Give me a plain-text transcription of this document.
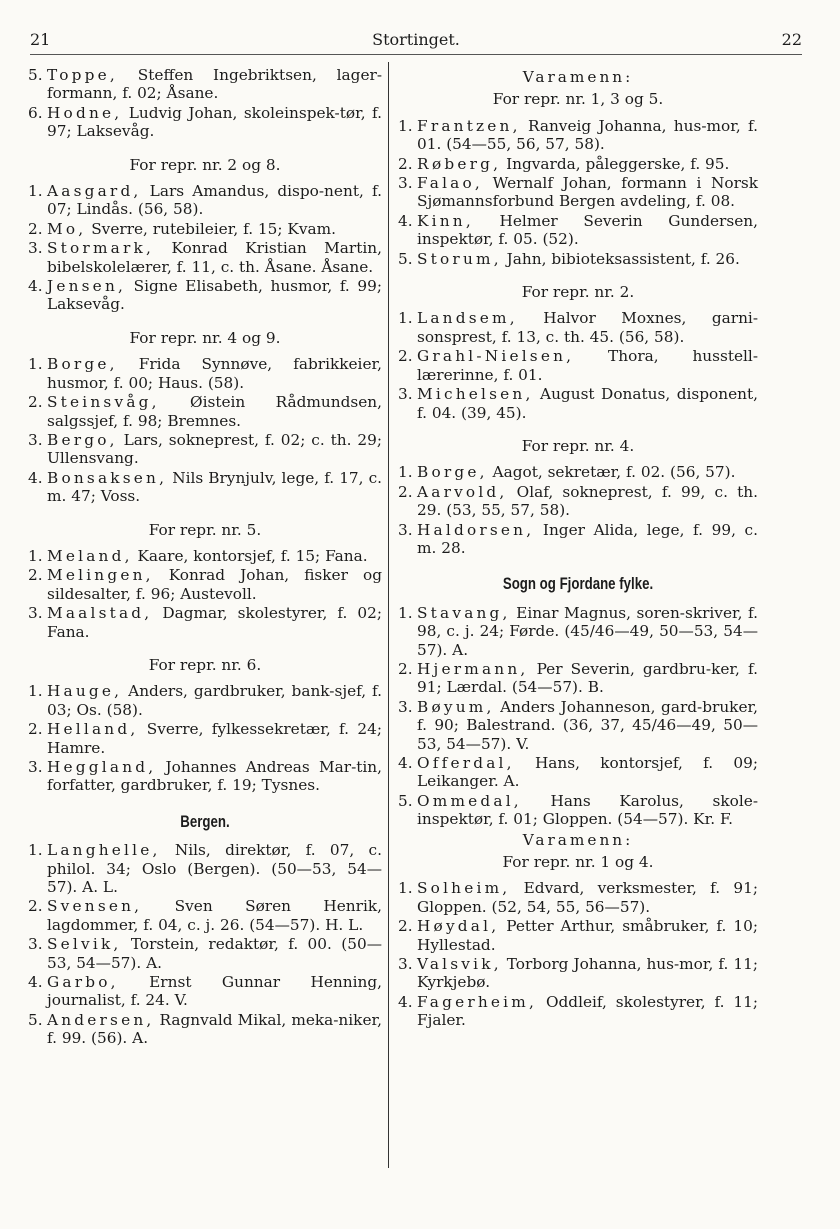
21	Stortinget.	22
5. Toppe, Steffen Ingebriktsen, lager-formann, f. 02; Åsane.
6. Hodne, Ludvig Johan, skoleinspek-tør, f. 97; Laksevåg.
For repr. nr. 2 og 8.
1. Aasgard, Lars Amandus, dispo-nent, f. 07; Lindås. (56, 58).
2. Mo, Sverre, rutebileier, f. 15; Kvam.
3. Stormark, Konrad Kristian Martin, bibelskolelærer, f. 11, c. th. Åsane. Åsane.
4. Jensen, Signe Elisabeth, husmor, f. 99; Laksevåg.
For repr. nr. 4 og 9.
1. Borge, Frida Synnøve, fabrikkeier, husmor, f. 00; Haus. (58).
2. Steinsvåg, Øistein Rådmundsen, salgssjef, f. 98; Bremnes.
3. Bergo, Lars, sokneprest, f. 02; c. th. 29; Ullensvang.
4. Bonsaksen, Nils Brynjulv, lege, f. 17, c. m. 47; Voss.
For repr. nr. 5.
1. Meland, Kaare, kontorsjef, f. 15; Fana.
2. Melingen, Konrad Johan, fisker og sildesalter, f. 96; Austevoll.
3. Maalstad, Dagmar, skolestyrer, f. 02; Fana.
For repr. nr. 6.
1. Hauge, Anders, gardbruker, bank-sjef, f. 03; Os. (58).
2. Helland, Sverre, fylkessekretær, f. 24; Hamre.
3. Heggland, Johannes Andreas Mar-tin, forfatter, gardbruker, f. 19; Tysnes.
Bergen.
1. Langhelle, Nils, direktør, f. 07, c. philol. 34; Oslo (Bergen). (50—53, 54—57). A. L.
2. Svensen, Sven Søren Henrik, lagdommer, f. 04, c. j. 26. (54—57). H. L.
3. Selvik, Torstein, redaktør, f. 00. (50—53, 54—57). A.
4. Garbo, Ernst Gunnar Henning, journalist, f. 24. V.
5. Andersen, Ragnvald Mikal, meka-niker, f. 99. (56). A.
Varamenn:
For repr. nr. 1, 3 og 5.
1. Frantzen, Ranveig Johanna, hus-mor, f. 01. (54—55, 56, 57, 58).
2. Røberg, Ingvarda, påleggerske, f. 95.
3. Falao, Wernalf Johan, formann i Norsk Sjømannsforbund Bergen avdeling, f. 08.
4. Kinn, Helmer Severin Gundersen, inspektør, f. 05. (52).
5. Storum, Jahn, bibioteksassistent, f. 26.
For repr. nr. 2.
1. Landsem, Halvor Moxnes, garni-sonsprest, f. 13, c. th. 45. (56, 58).
2. Grahl-Nielsen, Thora, husstell-lærerinne, f. 01.
3. Michelsen, August Donatus, disponent, f. 04. (39, 45).
For repr. nr. 4.
1. Borge, Aagot, sekretær, f. 02. (56, 57).
2. Aarvold, Olaf, sokneprest, f. 99, c. th. 29. (53, 55, 57, 58).
3. Haldorsen, Inger Alida, lege, f. 99, c. m. 28.
Sogn og Fjordane fylke.
1. Stavang, Einar Magnus, soren-skriver, f. 98, c. j. 24; Førde. (45/46—49, 50—53, 54—57). A.
2. Hjermann, Per Severin, gardbru-ker, f. 91; Lærdal. (54—57). B.
3. Bøyum, Anders Johanneson, gard-bruker, f. 90; Balestrand. (36, 37, 45/46—49, 50—53, 54—57). V.
4. Offerdal, Hans, kontorsjef, f. 09; Leikanger. A.
5. Ommedal, Hans Karolus, skole-inspektør, f. 01; Gloppen. (54—57). Kr. F.
Varamenn:
For repr. nr. 1 og 4.
1. Solheim, Edvard, verksmester, f. 91; Gloppen. (52, 54, 55, 56—57).
2. Høydal, Petter Arthur, småbruker, f. 10; Hyllestad.
3. Valsvik, Torborg Johanna, hus-mor, f. 11; Kyrkjebø.
4. Fagerheim, Oddleif, skolestyrer, f. 11; Fjaler.
